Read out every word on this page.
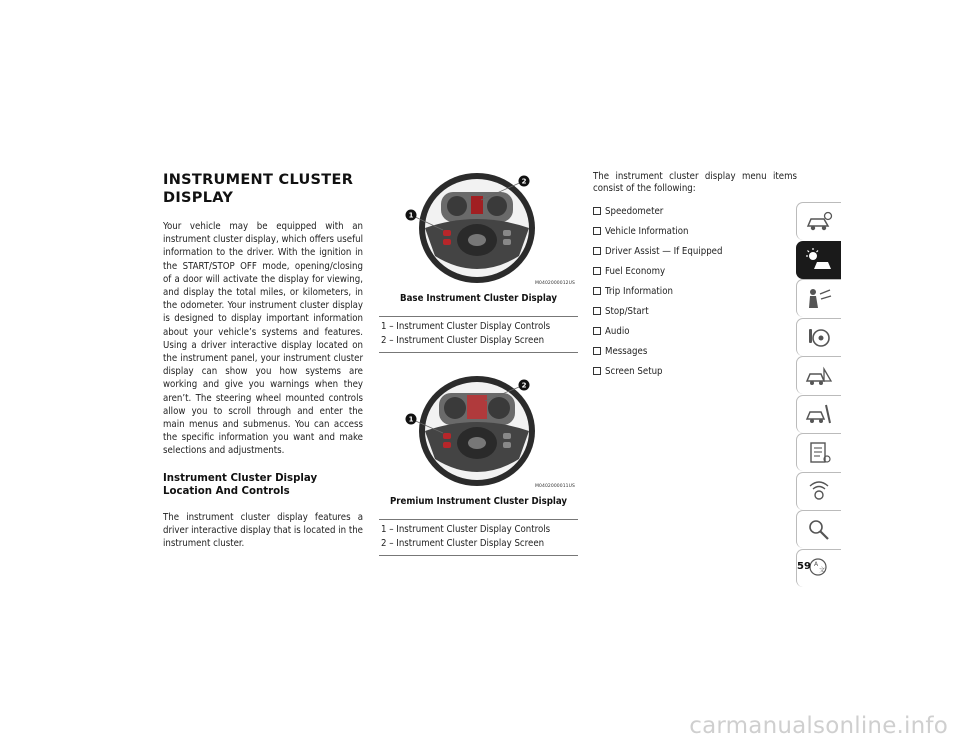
INSTRUMENT CLUSTER DISPLAY

Your vehicle may be equipped with an instrument cluster display, which offers useful information to the driver. With the ignition in the START/STOP OFF mode, opening/closing of a door will activate the display for viewing, and display the total miles, or kilometers, in the odometer. Your instrument cluster display is designed to display important information about your vehicle’s systems and features. Using a driver interactive display located on the instrument panel, your instrument cluster display can show you how systems are working and give you warnings when they aren’t. The steering wheel mounted controls allow you to scroll through and enter the main menus and submenus. You can access the specific information you want and make selections and adjustments.

Instrument Cluster Display Location And Controls

The instrument cluster display features a driver interactive display that is located in the instrument cluster.

1
2
M0402000012US
Base Instrument Cluster Display
1 – Instrument Cluster Display Controls
2 – Instrument Cluster Display Screen
1
2
M0402000011US
Premium Instrument Cluster Display
1 – Instrument Cluster Display Controls
2 – Instrument Cluster Display Screen

The instrument cluster display menu items consist of the following:

Speedometer
Vehicle Information
Driver Assist — If Equipped
Fuel Economy
Trip Information
Stop/Start
Audio
Messages
Screen Setup
A
文
59
carmanualsonline.info
